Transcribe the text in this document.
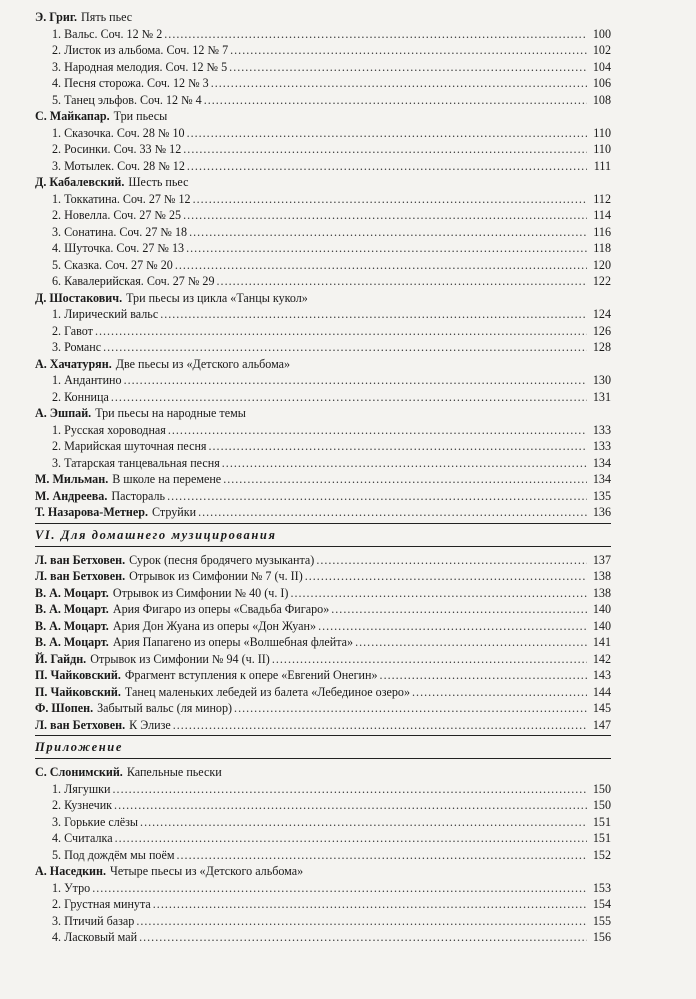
Э. Григ. Пять пьес
1. Вальс. Соч. 12 № 2 .....	100
2. Листок из альбома. Соч. 12 № 7 .....	102
3. Народная мелодия. Соч. 12 № 5 .....	104
4. Песня сторожа. Соч. 12 № 3 .....	106
5. Танец эльфов. Соч. 12 № 4 .....	108
С. Майкапар. Три пьесы
1. Сказочка. Соч. 28 № 10 .....	110
2. Росинки. Соч. 33 № 12 .....	110
3. Мотылек. Соч. 28 № 12 .....	111
Д. Кабалевский. Шесть пьес
1. Токкатина. Соч. 27 № 12 .....	112
2. Новелла. Соч. 27 № 25 .....	114
3. Сонатина. Соч. 27 № 18 .....	116
4. Шуточка. Соч. 27 № 13 .....	118
5. Сказка. Соч. 27 № 20 .....	120
6. Кавалерийская. Соч. 27 № 29 .....	122
Д. Шостакович. Три пьесы из цикла «Танцы кукол»
1. Лирический вальс .....	124
2. Гавот .....	126
3. Романс .....	128
А. Хачатурян. Две пьесы из «Детского альбома»
1. Андантино .....	130
2. Конница .....	131
А. Эшпай. Три пьесы на народные темы
1. Русская хороводная .....	133
2. Марийская шуточная песня .....	133
3. Татарская танцевальная песня .....	134
М. Мильман. В школе на перемене .....	134
М. Андреева. Пастораль .....	135
Т. Назарова-Метнер. Струйки .....	136
VI. Для домашнего музицирования
Л. ван Бетховен. Сурок (песня бродячего музыканта) .....	137
Л. ван Бетховен. Отрывок из Симфонии № 7 (ч. II) .....	138
В. А. Моцарт. Отрывок из Симфонии № 40 (ч. I) .....	138
В. А. Моцарт. Ария Фигаро из оперы «Свадьба Фигаро» .....	140
В. А. Моцарт. Ария Дон Жуана из оперы «Дон Жуан» .....	140
В. А. Моцарт. Ария Папагено из оперы «Волшебная флейта» .....	141
Й. Гайдн. Отрывок из Симфонии № 94 (ч. II) .....	142
П. Чайковский. Фрагмент вступления к опере «Евгений Онегин» .....	143
П. Чайковский. Танец маленьких лебедей из балета «Лебединое озеро» .....	144
Ф. Шопен. Забытый вальс (ля минор) .....	145
Л. ван Бетховен. К Элизе .....	147
Приложение
С. Слонимский. Капельные пьески
1. Лягушки .....	150
2. Кузнечик .....	150
3. Горькие слёзы .....	151
4. Считалка .....	151
5. Под дождём мы поём .....	152
А. Наседкин. Четыре пьесы из «Детского альбома»
1. Утро .....	153
2. Грустная минута .....	154
3. Птичий базар .....	155
4. Ласковый май .....	156
